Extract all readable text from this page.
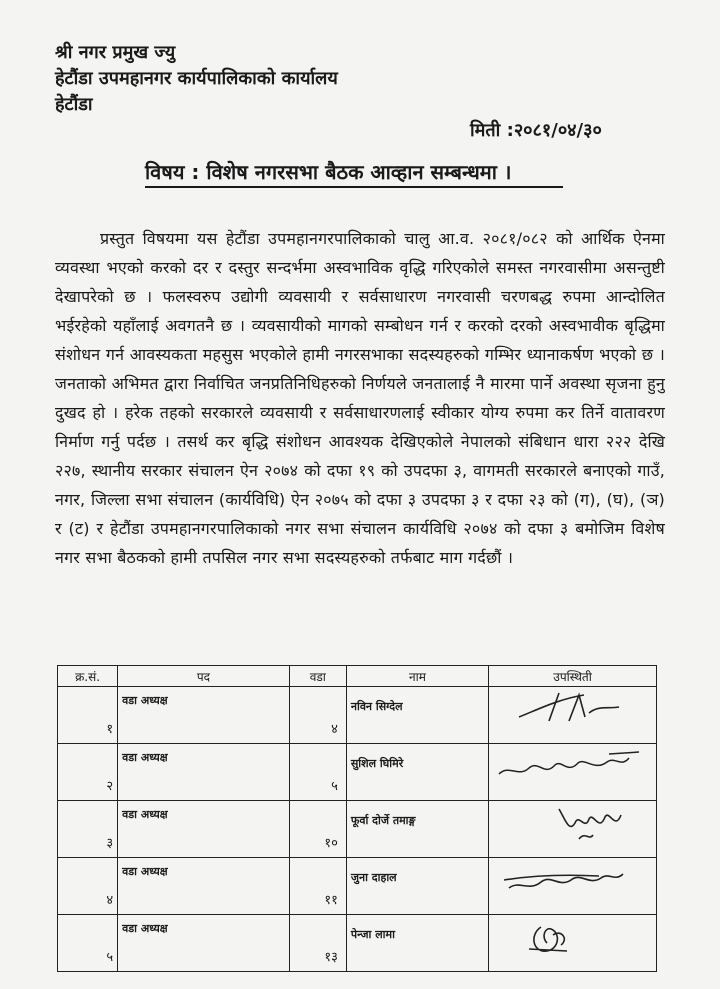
श्री नगर प्रमुख ज्यु
हेटौंडा उपमहानगर कार्यपालिकाको कार्यालय
हेटौंडा
मिती :२०८१/०४/३०
विषय : विशेष नगरसभा बैठक आव्हान सम्बन्धमा ।
प्रस्तुत विषयमा यस हेटौंडा उपमहानगरपालिकाको चालु आ.व. २०८१/०८२ को आर्थिक ऐनमा व्यवस्था भएको करको दर र दस्तुर सन्दर्भमा अस्वभाविक वृद्धि गरिएकोले समस्त नगरवासीमा असन्तुष्टी देखापरेको छ । फलस्वरुप उद्योगी व्यवसायी र सर्वसाधारण नगरवासी चरणबद्ध रुपमा आन्दोलित भईरहेको यहाँलाई अवगतनै छ । व्यवसायीको मागको सम्बोधन गर्न र करको दरको अस्वभावीक बृद्धिमा संशोधन गर्न आवस्यकता महसुस भएकोले हामी नगरसभाका सदस्यहरुको गम्भिर ध्यानाकर्षण भएको छ । जनताको अभिमत द्वारा निर्वाचित जनप्रतिनिधिहरुको निर्णयले जनतालाई नै मारमा पार्ने अवस्था सृजना हुनु दुखद हो । हरेक तहको सरकारले व्यवसायी र सर्वसाधारणलाई स्वीकार योग्य रुपमा कर तिर्ने वातावरण निर्माण गर्नु पर्दछ । तसर्थ कर बृद्धि संशोधन आवश्यक देखिएकोले नेपालको संबिधान धारा २२२ देखि २२७, स्थानीय सरकार संचालन ऐन २०७४ को दफा १९ को उपदफा ३, वागमती सरकारले बनाएको गाउँ, नगर, जिल्ला सभा संचालन (कार्यविधि) ऐन २०७५ को दफा ३ उपदफा ३ र दफा २३ को (ग), (घ), (ञ) र (ट) र हेटौंडा उपमहानगरपालिकाको नगर सभा संचालन कार्यविधि २०७४ को दफा ३ बमोजिम विशेष नगर सभा बैठकको हामी तपसिल नगर सभा सदस्यहरुको तर्फबाट माग गर्दछौं ।
क्र.सं.	पद	वडा	नाम	उपस्थिती
१	वडा अध्यक्ष	४	नविन सिग्देल	

२	वडा अध्यक्ष	५	सुशिल घिमिरे	

३	वडा अध्यक्ष	१०	फूर्वा दोर्जे तमाङ्ग	

४	वडा अध्यक्ष	११	जुना दाहाल	

५	वडा अध्यक्ष	१३	पेन्जा लामा	
